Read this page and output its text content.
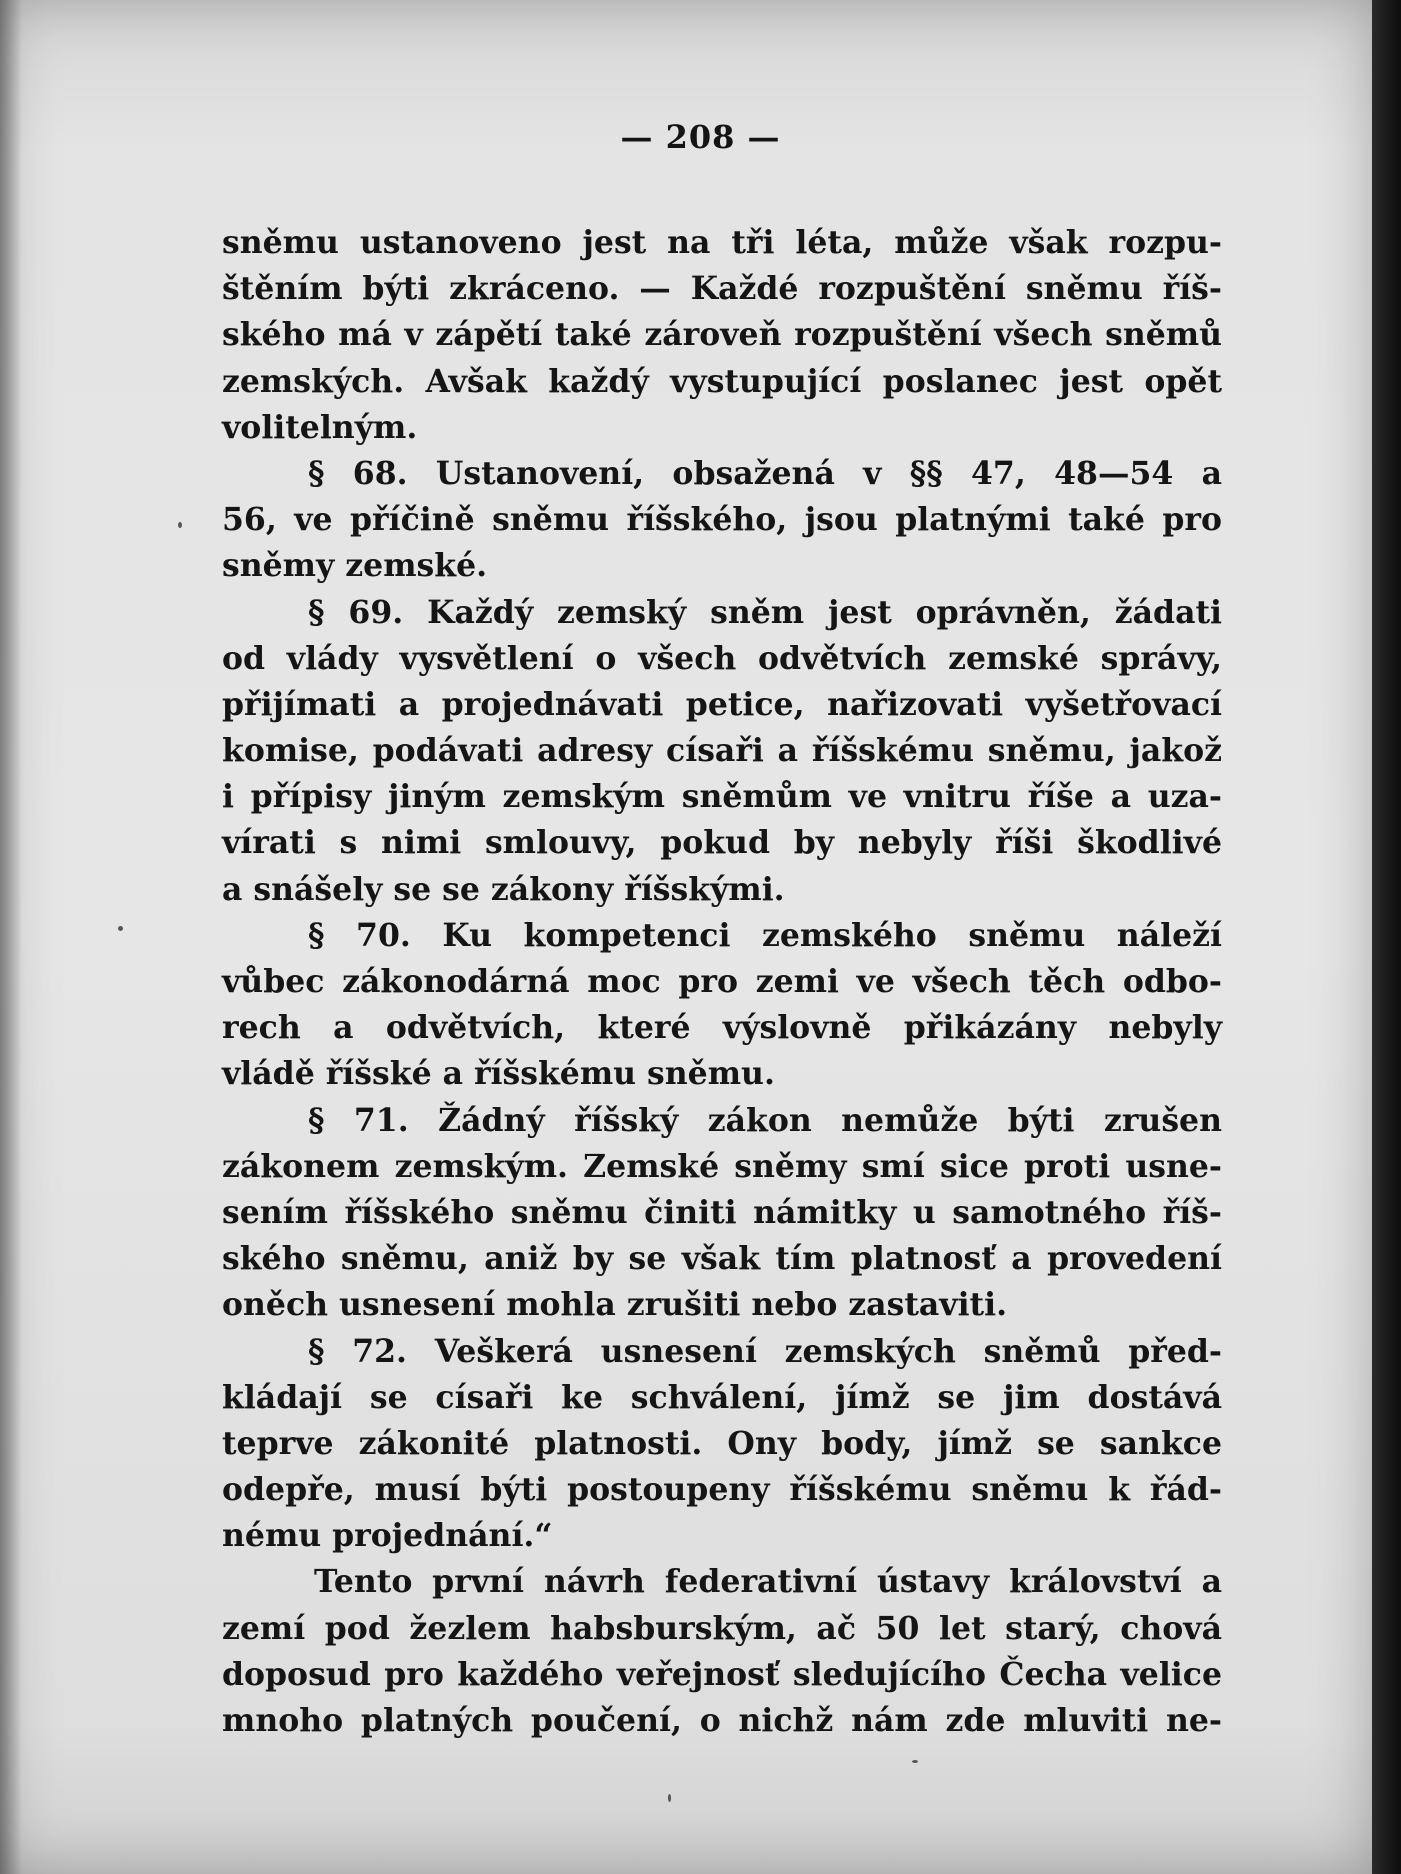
— 208 —
sněmu ustanoveno jest na tři léta, může však rozpu-
štěním býti zkráceno. — Každé rozpuštění sněmu říš-
ského má v zápětí také zároveň rozpuštění všech sněmů
zemských. Avšak každý vystupující poslanec jest opět
volitelným.
§ 68. Ustanovení, obsažená v §§ 47, 48—54 a
56, ve příčině sněmu říšského, jsou platnými také pro
sněmy zemské.
§ 69. Každý zemský sněm jest oprávněn, žádati
od vlády vysvětlení o všech odvětvích zemské správy,
přijímati a projednávati petice, nařizovati vyšetřovací
komise, podávati adresy císaři a říšskému sněmu, jakož
i přípisy jiným zemským sněmům ve vnitru říše a uza-
vírati s nimi smlouvy, pokud by nebyly říši škodlivé
a snášely se se zákony říšskými.
§ 70. Ku kompetenci zemského sněmu náleží
vůbec zákonodárná moc pro zemi ve všech těch odbo-
rech a odvětvích, které výslovně přikázány nebyly
vládě říšské a říšskému sněmu.
§ 71. Žádný říšský zákon nemůže býti zrušen
zákonem zemským. Zemské sněmy smí sice proti usne-
sením říšského sněmu činiti námitky u samotného říš-
ského sněmu, aniž by se však tím platnosť a provedení
oněch usnesení mohla zrušiti nebo zastaviti.
§ 72. Veškerá usnesení zemských sněmů před-
kládají se císaři ke schválení, jímž se jim dostává
teprve zákonité platnosti. Ony body, jímž se sankce
odepře, musí býti postoupeny říšskému sněmu k řád-
nému projednání.“
Tento první návrh federativní ústavy království a
zemí pod žezlem habsburským, ač 50 let starý, chová
doposud pro každého veřejnosť sledujícího Čecha velice
mnoho platných poučení, o nichž nám zde mluviti ne-
